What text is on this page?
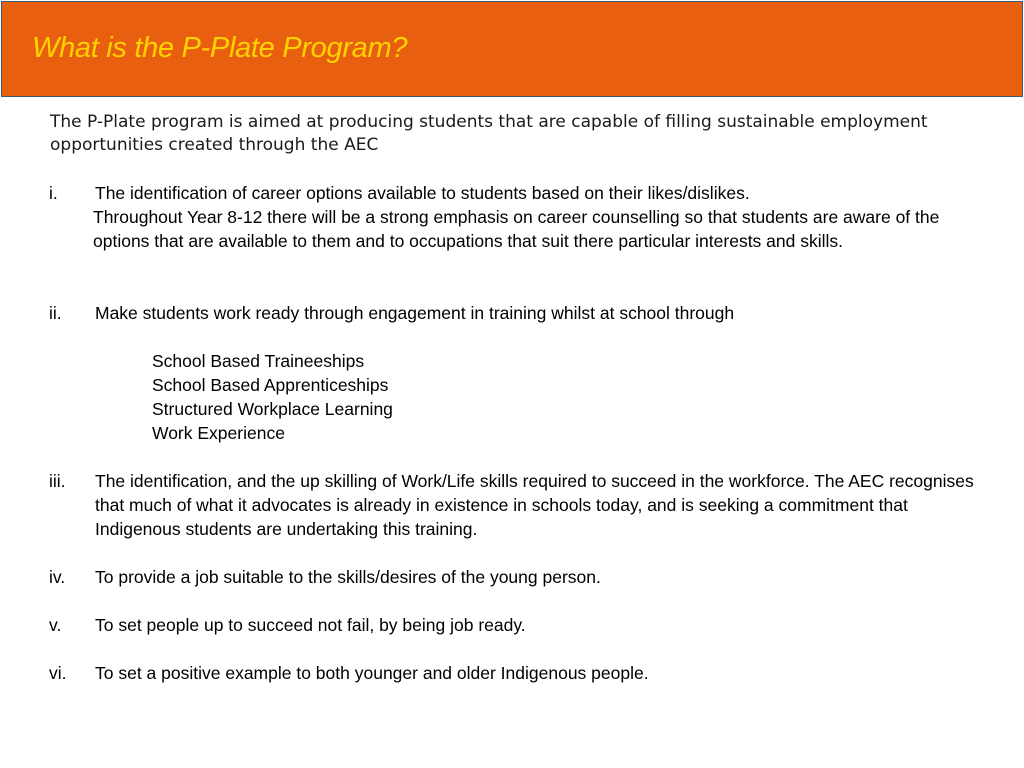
What is the P-Plate Program?
The P-Plate program is aimed at producing students that are capable of filling sustainable employment opportunities created through the AEC
i.	The identification of career options available to students based on their likes/dislikes.
Throughout Year 8-12 there will be a strong emphasis on career counselling so that students are aware of the options that are available to them and to occupations that suit there particular interests and skills.
ii.	Make students work ready through engagement in training whilst at school through
School Based Traineeships
School Based Apprenticeships
Structured Workplace Learning
Work Experience
iii.	The identification, and the up skilling of Work/Life skills required to succeed in the workforce. The AEC recognises that much of what it advocates is already in existence in schools today, and is seeking a commitment that Indigenous students are undertaking this training.
iv.	To provide a job suitable to the skills/desires of the young person.
v.	To set people up to succeed not fail, by being job ready.
vi.	To set a positive example to both younger and older Indigenous people.
